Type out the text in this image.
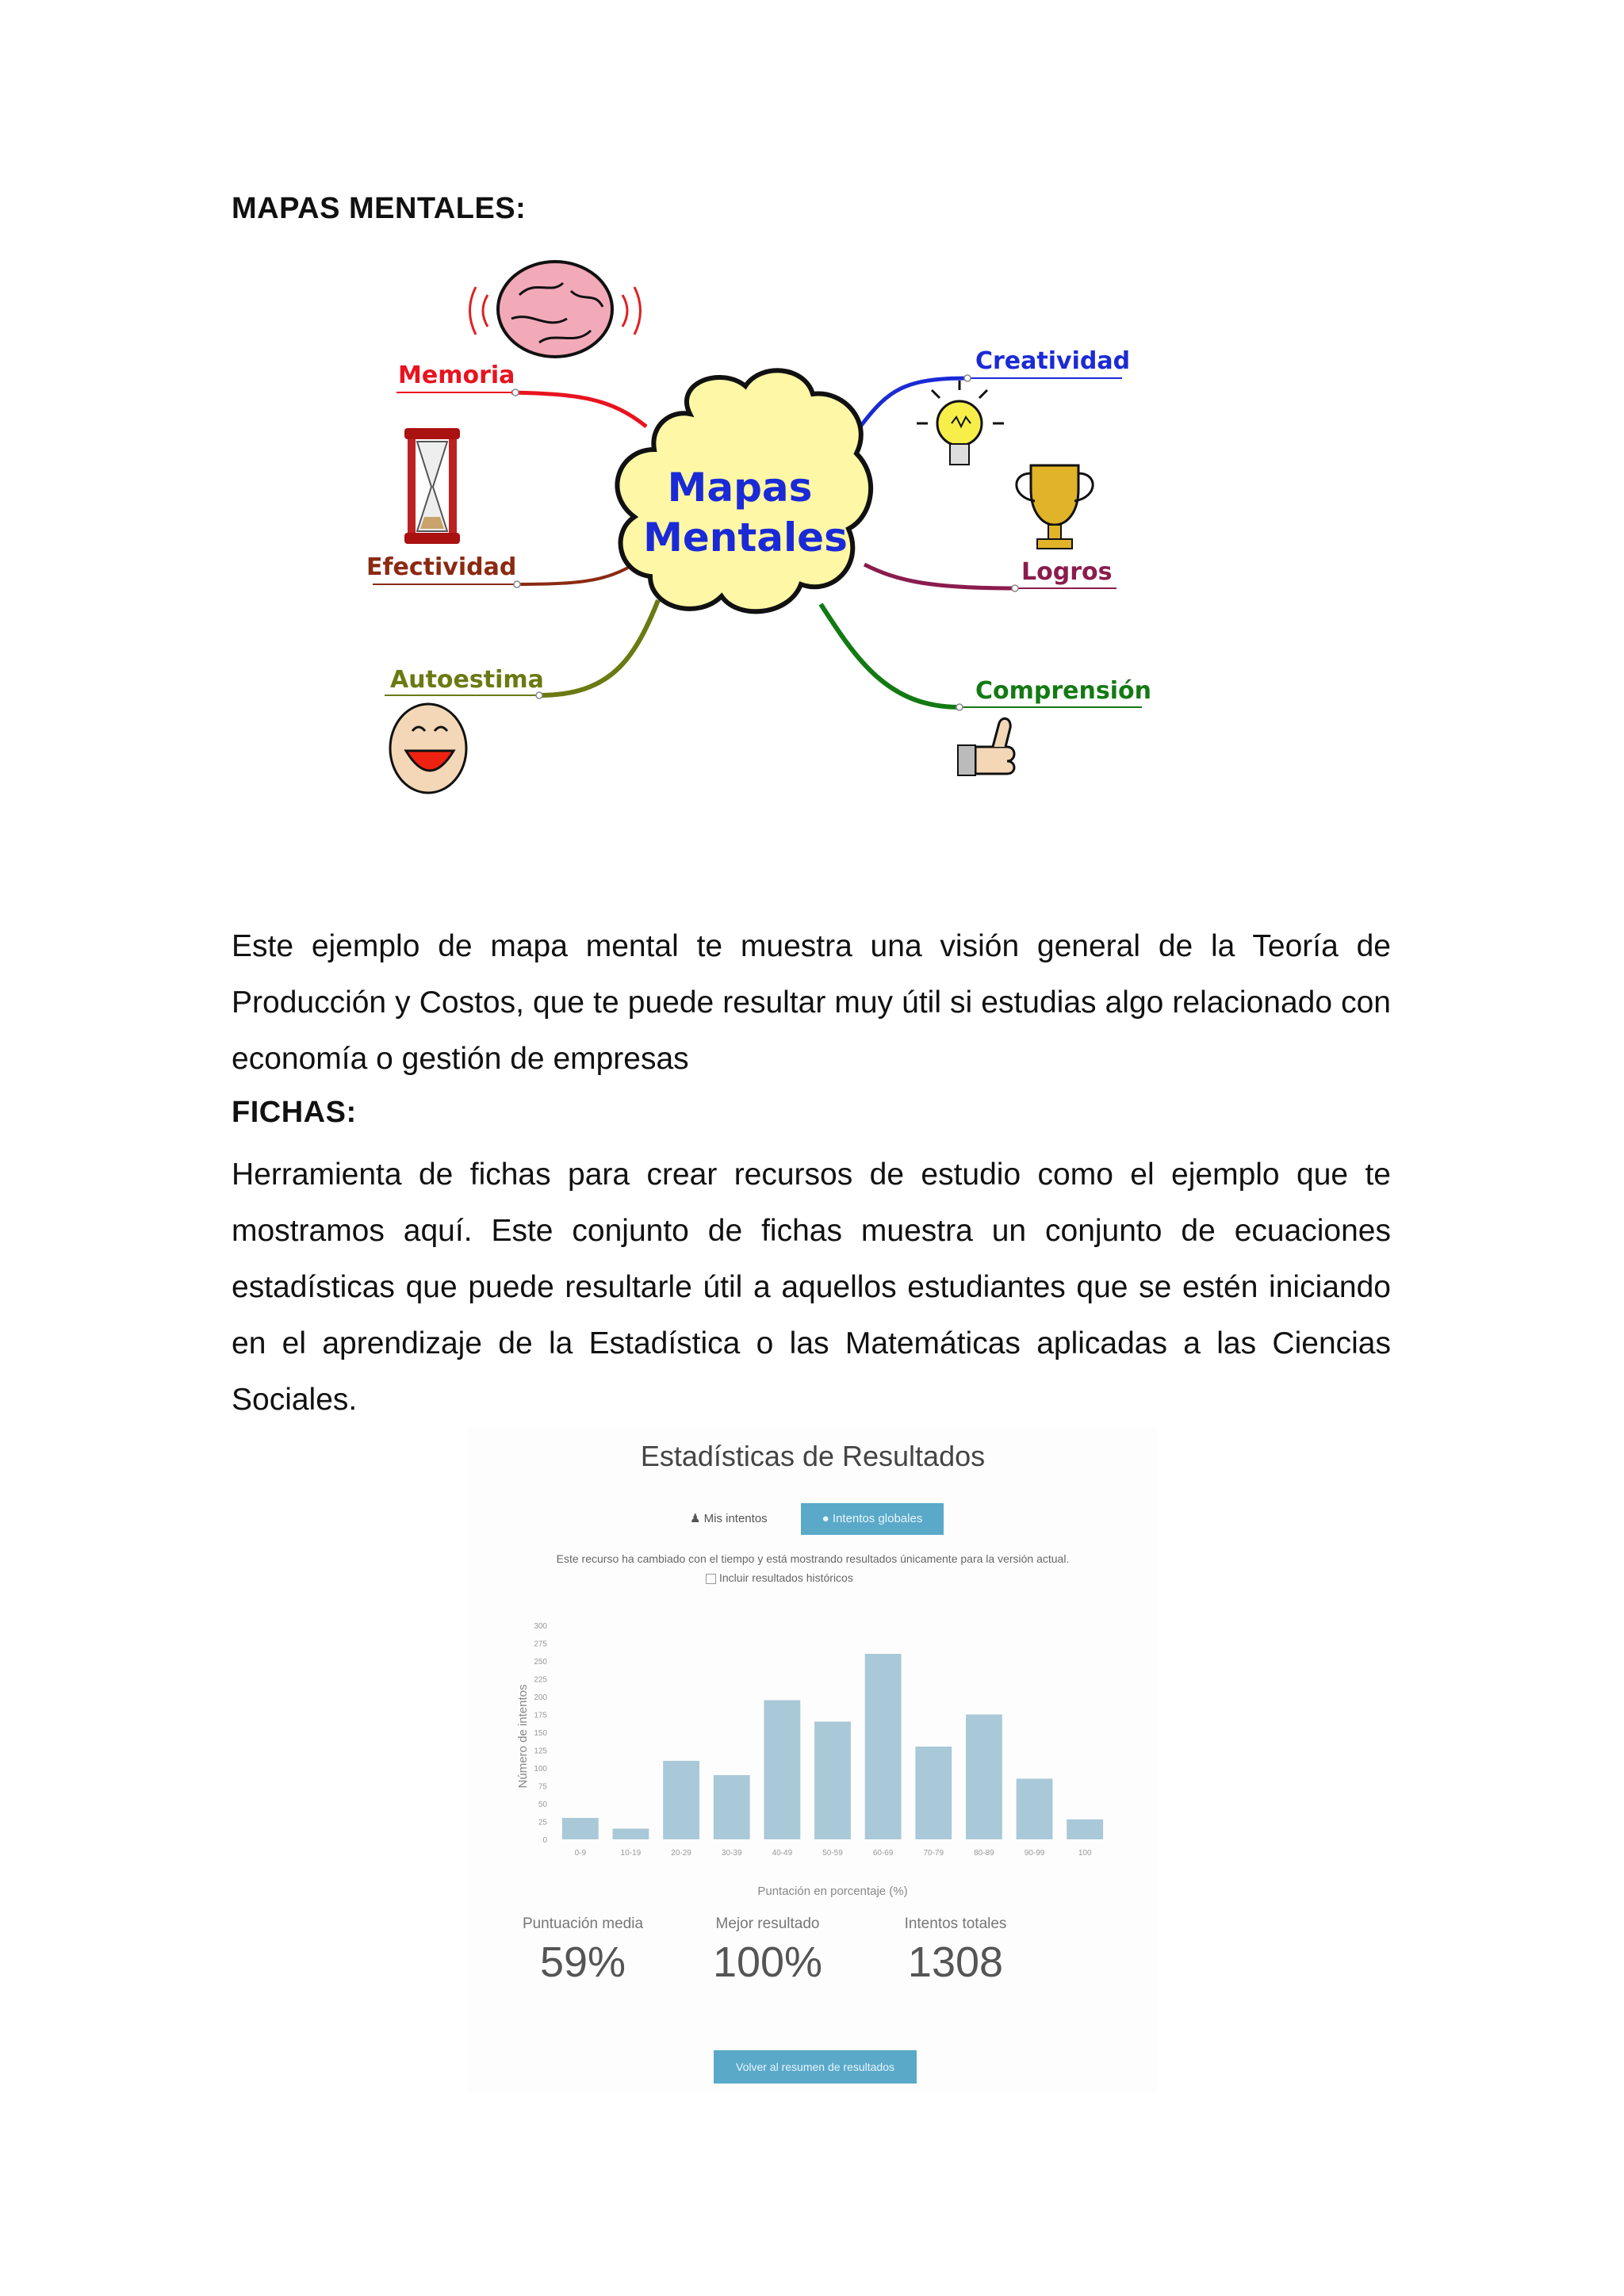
MAPAS MENTALES:
Mapas
Mentales
Memoria
Creatividad
Efectividad	Logros
Autoestima	Comprensión

Este ejemplo de mapa mental te muestra una visión general de la Teoría de Producción y Costos, que te puede resultar muy útil si estudias algo relacionado con economía o gestión de empresas

FICHAS:

Herramienta de fichas para crear recursos de estudio como el ejemplo que te mostramos aquí. Este conjunto de fichas muestra un conjunto de ecuaciones estadísticas que puede resultarle útil a aquellos estudiantes que se estén iniciando en el aprendizaje de la Estadística o las Matemáticas aplicadas a las Ciencias Sociales.

Estadísticas de Resultados
♟ Mis intentos	● Intentos globales
Este recurso ha cambiado con el tiempo y está mostrando resultados únicamente para la versión actual.
Incluir resultados históricos
Número de intentos
Puntación en porcentaje (%)
0
25
50
75
100
125
150
175
200
225
250
275
300
0-9	10-19	20-29	30-39	40-49	50-59	60-69	70-79	80-89	90-99	100
Puntuación media
59%
Mejor resultado
100%
Intentos totales
1308
Volver al resumen de resultados
